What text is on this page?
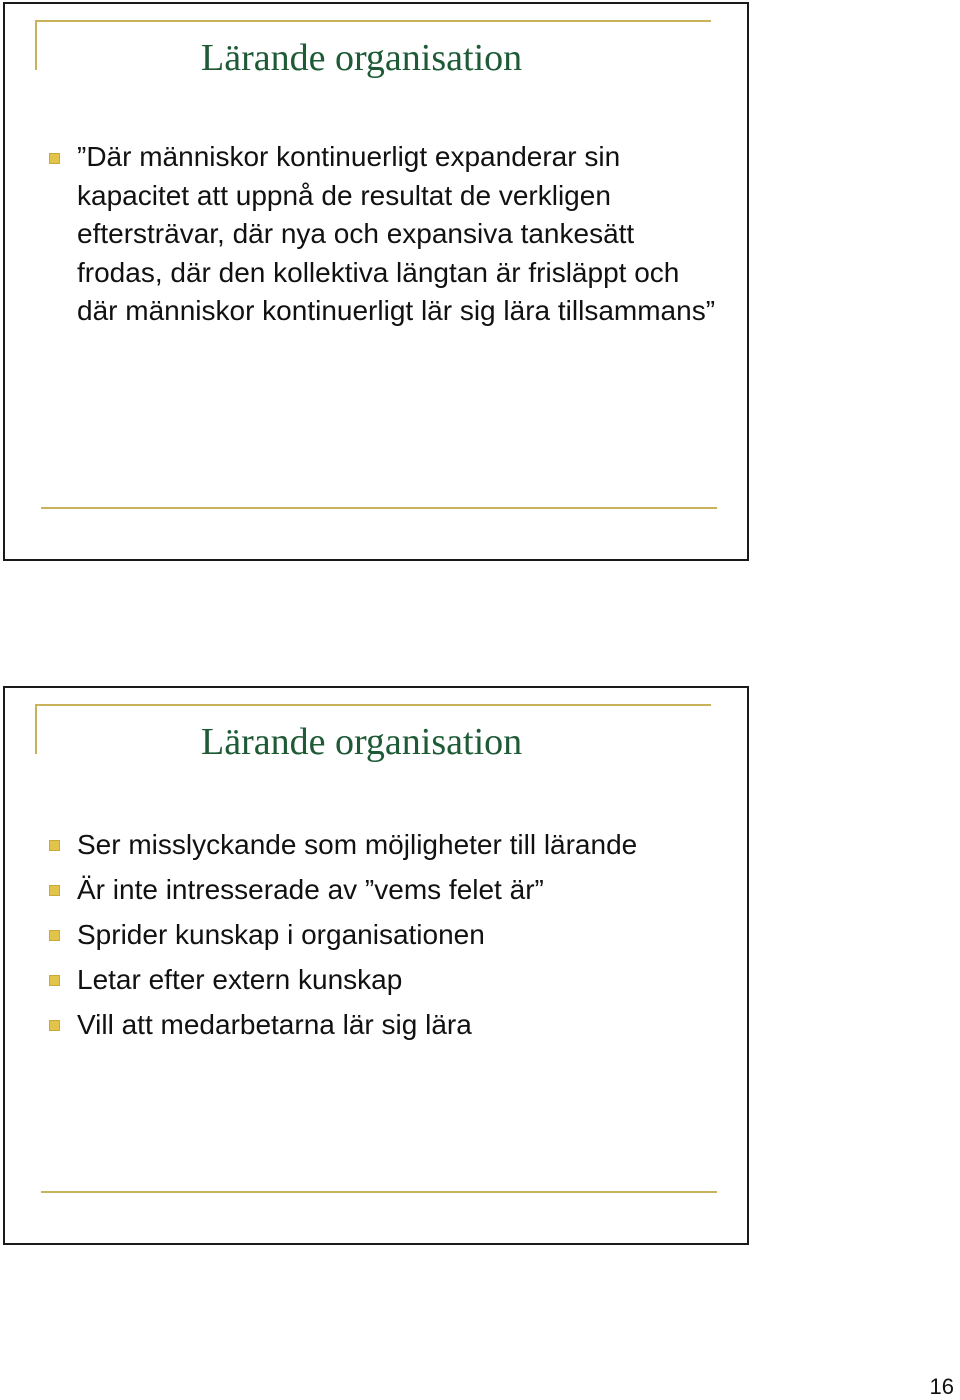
Lärande organisation
”Där människor kontinuerligt expanderar sin kapacitet att uppnå de resultat de verkligen eftersträvar, där nya och expansiva tankesätt frodas, där den kollektiva längtan är frisläppt och där människor kontinuerligt lär sig lära tillsammans”
Lärande organisation
Ser misslyckande som möjligheter till lärande
Är inte intresserade av ”vems felet är”
Sprider kunskap i organisationen
Letar efter extern kunskap
Vill att medarbetarna lär sig lära
16
